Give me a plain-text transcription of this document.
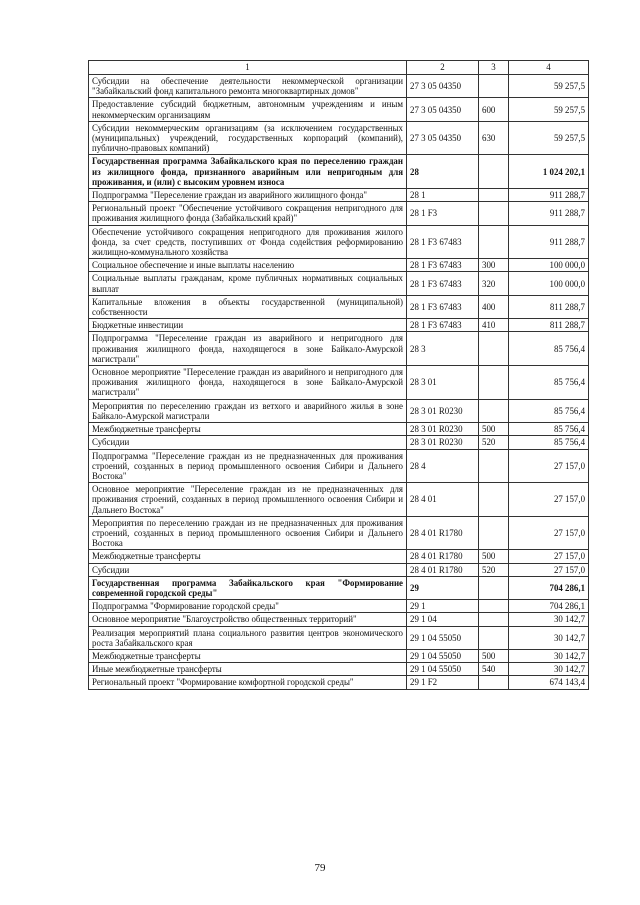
1	2	3	4
Субсидии на обеспечение деятельности некоммерческой организации "Забайкальский фонд капитального ремонта многоквартирных домов"	27 3 05 04350		59 257,5
Предоставление субсидий бюджетным, автономным учреждениям и иным некоммерческим организациям	27 3 05 04350	600	59 257,5
Субсидии некоммерческим организациям (за исключением государственных (муниципальных) учреждений, государственных корпораций (компаний), публично-правовых компаний)	27 3 05 04350	630	59 257,5
Государственная программа Забайкальского края по переселению граждан из жилищного фонда, признанного аварийным или непригодным для проживания, и (или) с высоким уровнем износа	28		1 024 202,1
Подпрограмма "Переселение граждан из аварийного жилищного фонда"	28 1		911 288,7
Региональный проект "Обеспечение устойчивого сокращения непригодного для проживания жилищного фонда (Забайкальский край)"	28 1 F3		911 288,7
Обеспечение устойчивого сокращения непригодного для проживания жилого фонда, за счет средств, поступивших от Фонда содействия реформированию жилищно-коммунального хозяйства	28 1 F3 67483		911 288,7
Социальное обеспечение и иные выплаты населению	28 1 F3 67483	300	100 000,0
Социальные выплаты гражданам, кроме публичных нормативных социальных выплат	28 1 F3 67483	320	100 000,0
Капитальные вложения в объекты государственной (муниципальной) собственности	28 1 F3 67483	400	811 288,7
Бюджетные инвестиции	28 1 F3 67483	410	811 288,7
Подпрограмма "Переселение граждан из аварийного и непригодного для проживания жилищного фонда, находящегося в зоне Байкало-Амурской магистрали"	28 3		85 756,4
Основное мероприятие "Переселение граждан из аварийного и непригодного для проживания жилищного фонда, находящегося в зоне Байкало-Амурской магистрали"	28 3 01		85 756,4
Мероприятия по переселению граждан из ветхого и аварийного жилья в зоне Байкало-Амурской магистрали	28 3 01 R0230		85 756,4
Межбюджетные трансферты	28 3 01 R0230	500	85 756,4
Субсидии	28 3 01 R0230	520	85 756,4
Подпрограмма "Переселение граждан из не предназначенных для проживания строений, созданных в период промышленного освоения Сибири и Дальнего Востока"	28 4		27 157,0
Основное мероприятие "Переселение граждан из не предназначенных для проживания строений, созданных в период промышленного освоения Сибири и Дальнего Востока"	28 4 01		27 157,0
Мероприятия по переселению граждан из не предназначенных для проживания строений, созданных в период промышленного освоения Сибири и Дальнего Востока	28 4 01 R1780		27 157,0
Межбюджетные трансферты	28 4 01 R1780	500	27 157,0
Субсидии	28 4 01 R1780	520	27 157,0
Государственная программа Забайкальского края "Формирование современной городской среды"	29		704 286,1
Подпрограмма "Формирование городской среды"	29 1		704 286,1
Основное мероприятие "Благоустройство общественных территорий"	29 1 04		30 142,7
Реализация мероприятий плана социального развития центров экономического роста Забайкальского края	29 1 04 55050		30 142,7
Межбюджетные трансферты	29 1 04 55050	500	30 142,7
Иные межбюджетные трансферты	29 1 04 55050	540	30 142,7
Региональный проект "Формирование комфортной городской среды"	29 1 F2		674 143,4
79
